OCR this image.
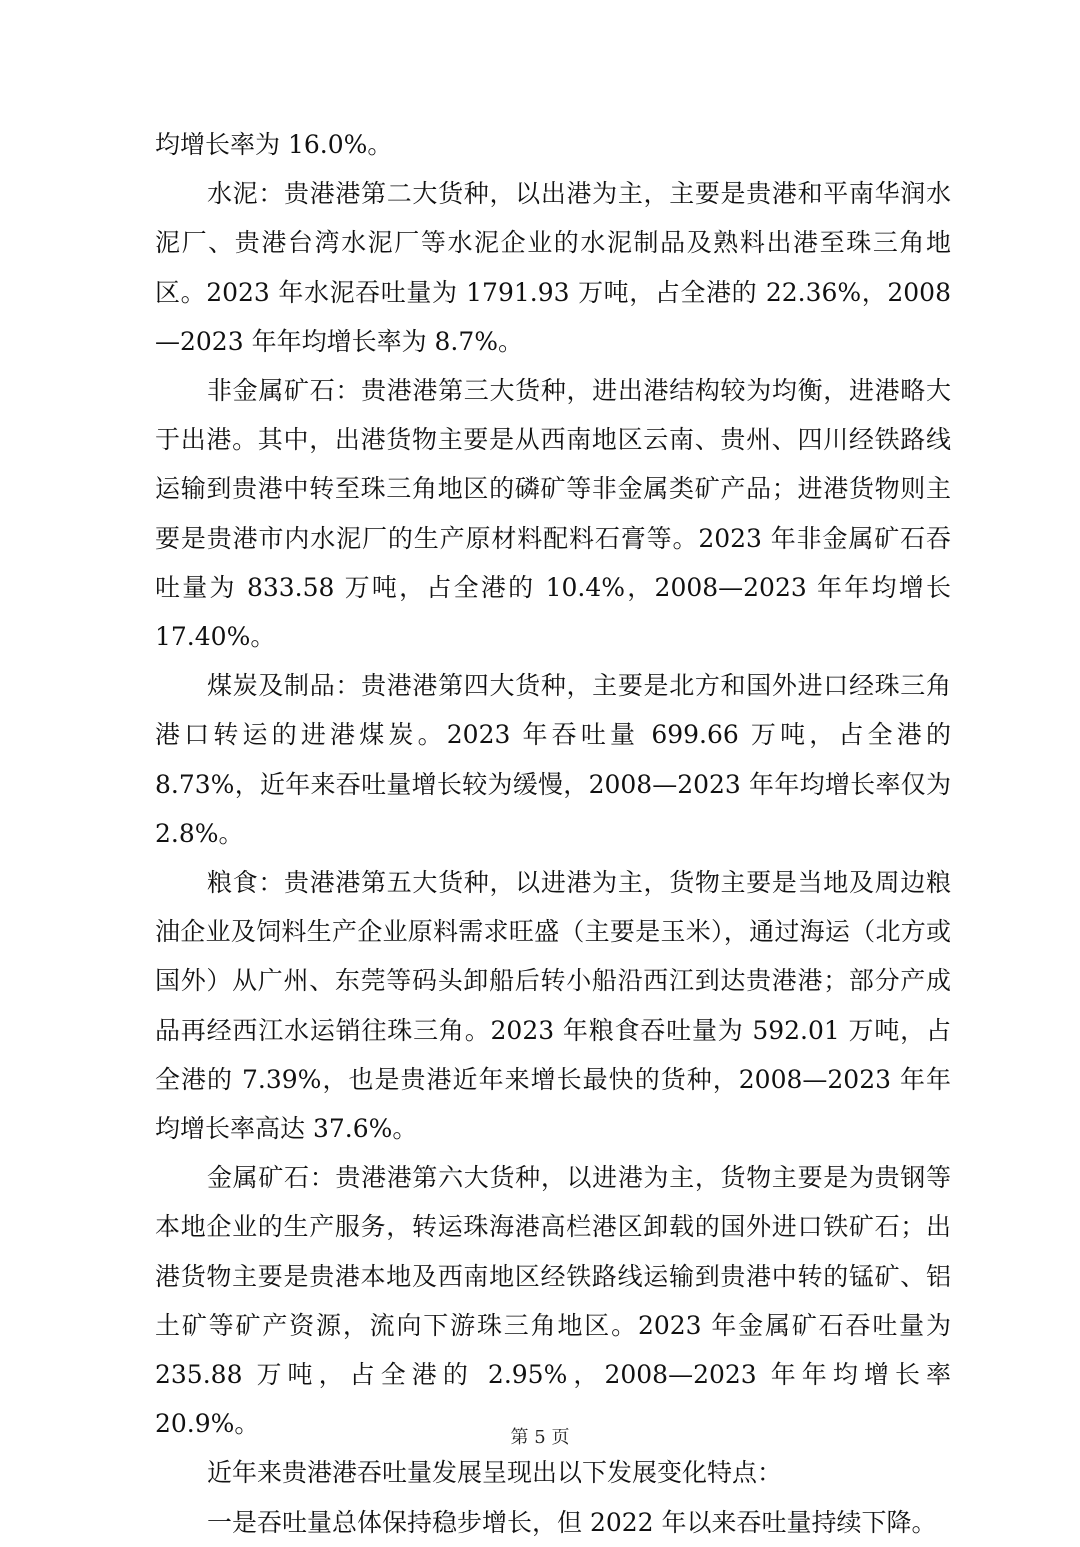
均增长率为 16.0%。

水泥：贵港港第二大货种，以出港为主，主要是贵港和平南华润水泥厂、贵港台湾水泥厂等水泥企业的水泥制品及熟料出港至珠三角地区。2023 年水泥吞吐量为 1791.93 万吨，占全港的 22.36%，2008—2023 年年均增长率为 8.7%。

非金属矿石：贵港港第三大货种，进出港结构较为均衡，进港略大于出港。其中，出港货物主要是从西南地区云南、贵州、四川经铁路线运输到贵港中转至珠三角地区的磷矿等非金属类矿产品；进港货物则主要是贵港市内水泥厂的生产原材料配料石膏等。2023 年非金属矿石吞吐量为 833.58 万吨，占全港的 10.4%，2008—2023 年年均增长 17.40%。

煤炭及制品：贵港港第四大货种，主要是北方和国外进口经珠三角港口转运的进港煤炭。2023 年吞吐量 699.66 万吨，占全港的 8.73%，近年来吞吐量增长较为缓慢，2008—2023 年年均增长率仅为 2.8%。

粮食：贵港港第五大货种，以进港为主，货物主要是当地及周边粮油企业及饲料生产企业原料需求旺盛（主要是玉米），通过海运（北方或国外）从广州、东莞等码头卸船后转小船沿西江到达贵港港；部分产成品再经西江水运销往珠三角。2023 年粮食吞吐量为 592.01 万吨，占全港的 7.39%，也是贵港近年来增长最快的货种，2008—2023 年年均增长率高达 37.6%。

金属矿石：贵港港第六大货种，以进港为主，货物主要是为贵钢等本地企业的生产服务，转运珠海港高栏港区卸载的国外进口铁矿石；出港货物主要是贵港本地及西南地区经铁路线运输到贵港中转的锰矿、铝土矿等矿产资源，流向下游珠三角地区。2023 年金属矿石吞吐量为 235.88 万吨，占全港的 2.95%，2008—2023 年年均增长率 20.9%。

近年来贵港港吞吐量发展呈现出以下发展变化特点：

一是吞吐量总体保持稳步增长，但 2022 年以来吞吐量持续下降。

第 5 页
